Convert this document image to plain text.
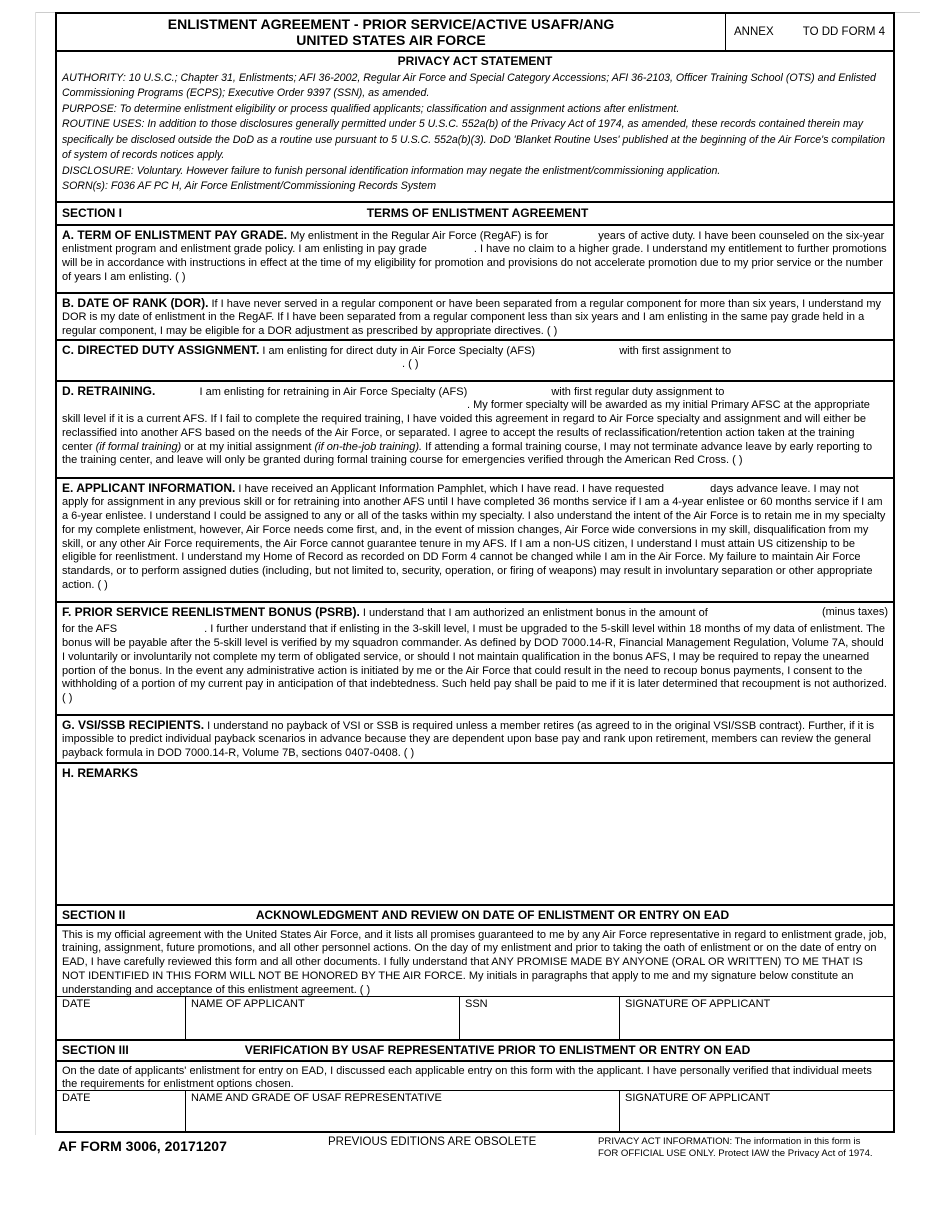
ENLISTMENT AGREEMENT - PRIOR SERVICE/ACTIVE USAFR/ANG
UNITED STATES AIR FORCE	ANNEX	TO DD FORM 4
PRIVACY ACT STATEMENT
AUTHORITY: 10 U.S.C.; Chapter 31, Enlistments; AFI 36-2002, Regular Air Force and Special Category Accessions; AFI 36-2103, Officer Training School (OTS) and Enlisted Commissioning Programs (ECPS); Executive Order 9397 (SSN), as amended.
PURPOSE: To determine enlistment eligibility or process qualified applicants; classification and assignment actions after enlistment.
ROUTINE USES: In addition to those disclosures generally permitted under 5 U.S.C. 552a(b) of the Privacy Act of 1974, as amended, these records contained therein may specifically be disclosed outside the DoD as a routine use pursuant to 5 U.S.C. 552a(b)(3). DoD 'Blanket Routine Uses' published at the beginning of the Air Force's compilation of system of records notices apply.
DISCLOSURE: Voluntary. However failure to funish personal identification information may negate the enlistment/commissioning application.
SORN(s): F036 AF PC H, Air Force Enlistment/Commissioning Records System
SECTION I	TERMS OF ENLISTMENT AGREEMENT
A. TERM OF ENLISTMENT PAY GRADE. My enlistment in the Regular Air Force (RegAF) is for	years of active duty. I have been counseled on the six-year enlistment program and enlistment grade policy. I am enlisting in pay grade	. I have no claim to a higher grade. I understand my entitlement to further promotions will be in accordance with instructions in effect at the time of my eligibility for promotion and provisions do not accelerate promotion due to my prior service or the number of years I am enlisting. ( )
B. DATE OF RANK (DOR). If I have never served in a regular component or have been separated from a regular component for more than six years, I understand my DOR is my date of enlistment in the RegAF. If I have been separated from a regular component less than six years and I am enlisting in the same pay grade held in a regular component, I may be eligible for a DOR adjustment as prescribed by appropriate directives. ( )
C. DIRECTED DUTY ASSIGNMENT. I am enlisting for direct duty in Air Force Specialty (AFS)	with first assignment to
. ( )
D. RETRAINING.	I am enlisting for retraining in Air Force Specialty (AFS)	with first regular duty assignment to
. My former specialty will be awarded as my initial Primary AFSC at the appropriate skill level if it is a current AFS. If I fail to complete the required training, I have voided this agreement in regard to Air Force specialty and assignment and will either be reclassified into another AFS based on the needs of the Air Force, or separated. I agree to accept the results of reclassification/retention action taken at the training center (if formal training) or at my initial assignment (if on-the-job training). If attending a formal training course, I may not terminate advance leave by early reporting to the training center, and leave will only be granted during formal training course for emergencies verified through the American Red Cross. ( )
E. APPLICANT INFORMATION. I have received an Applicant Information Pamphlet, which I have read. I have requested	days advance leave. I may not apply for assignment in any previous skill or for retraining into another AFS until I have completed 36 months service if I am a 4-year enlistee or 60 months service if I am a 6-year enlistee. I understand I could be assigned to any or all of the tasks within my specialty. I also understand the intent of the Air Force is to retain me in my specialty for my complete enlistment, however, Air Force needs come first, and, in the event of mission changes, Air Force wide conversions in my skill, disqualification from my skill, or any other Air Force requirements, the Air Force cannot guarantee tenure in my AFS. If I am a non-US citizen, I understand I must attain US citizenship to be eligible for reenlistment. I understand my Home of Record as recorded on DD Form 4 cannot be changed while I am in the Air Force. My failure to maintain Air Force standards, or to perform assigned duties (including, but not limited to, security, operation, or firing of weapons) may result in involuntary separation or other appropriate action. ( )
F. PRIOR SERVICE REENLISTMENT BONUS (PSRB). I understand that I am authorized an enlistment bonus in the amount of	(minus taxes)
for the AFS	. I further understand that if enlisting in the 3-skill level, I must be upgraded to the 5-skill level within 18 months of my data of enlistment. The bonus will be payable after the 5-skill level is verified by my squadron commander. As defined by DOD 7000.14-R, Financial Management Regulation, Volume 7A, should I voluntarily or involuntarily not complete my term of obligated service, or should I not maintain qualification in the bonus AFS, I may be required to repay the unearned portion of the bonus. In the event any administrative action is initiated by me or the Air Force that could result in the need to recoup bonus payments, I consent to the withholding of a portion of my current pay in anticipation of that indebtedness. Such held pay shall be paid to me if it is later determined that recoupment is not authorized. ( )
G. VSI/SSB RECIPIENTS. I understand no payback of VSI or SSB is required unless a member retires (as agreed to in the original VSI/SSB contract). Further, if it is impossible to predict individual payback scenarios in advance because they are dependent upon base pay and rank upon retirement, members can review the general payback formula in DOD 7000.14-R, Volume 7B, sections 0407-0408. ( )
H. REMARKS
SECTION II	ACKNOWLEDGMENT AND REVIEW ON DATE OF ENLISTMENT OR ENTRY ON EAD
This is my official agreement with the United States Air Force, and it lists all promises guaranteed to me by any Air Force representative in regard to enlistment grade, job, training, assignment, future promotions, and all other personnel actions. On the day of my enlistment and prior to taking the oath of enlistment or on the date of entry on EAD, I have carefully reviewed this form and all other documents. I fully understand that ANY PROMISE MADE BY ANYONE (ORAL OR WRITTEN) TO ME THAT IS NOT IDENTIFIED IN THIS FORM WILL NOT BE HONORED BY THE AIR FORCE. My initials in paragraphs that apply to me and my signature below constitute an understanding and acceptance of this enlistment agreement. ( )
DATE	NAME OF APPLICANT	SSN	SIGNATURE OF APPLICANT
SECTION III	VERIFICATION BY USAF REPRESENTATIVE PRIOR TO ENLISTMENT OR ENTRY ON EAD
On the date of applicants' enlistment for entry on EAD, I discussed each applicable entry on this form with the applicant. I have personally verified that individual meets the requirements for enlistment options chosen.
DATE	NAME AND GRADE OF USAF REPRESENTATIVE	SIGNATURE OF APPLICANT
AF FORM 3006, 20171207	PREVIOUS EDITIONS ARE OBSOLETE	PRIVACY ACT INFORMATION: The information in this form is
FOR OFFICIAL USE ONLY. Protect IAW the Privacy Act of 1974.
